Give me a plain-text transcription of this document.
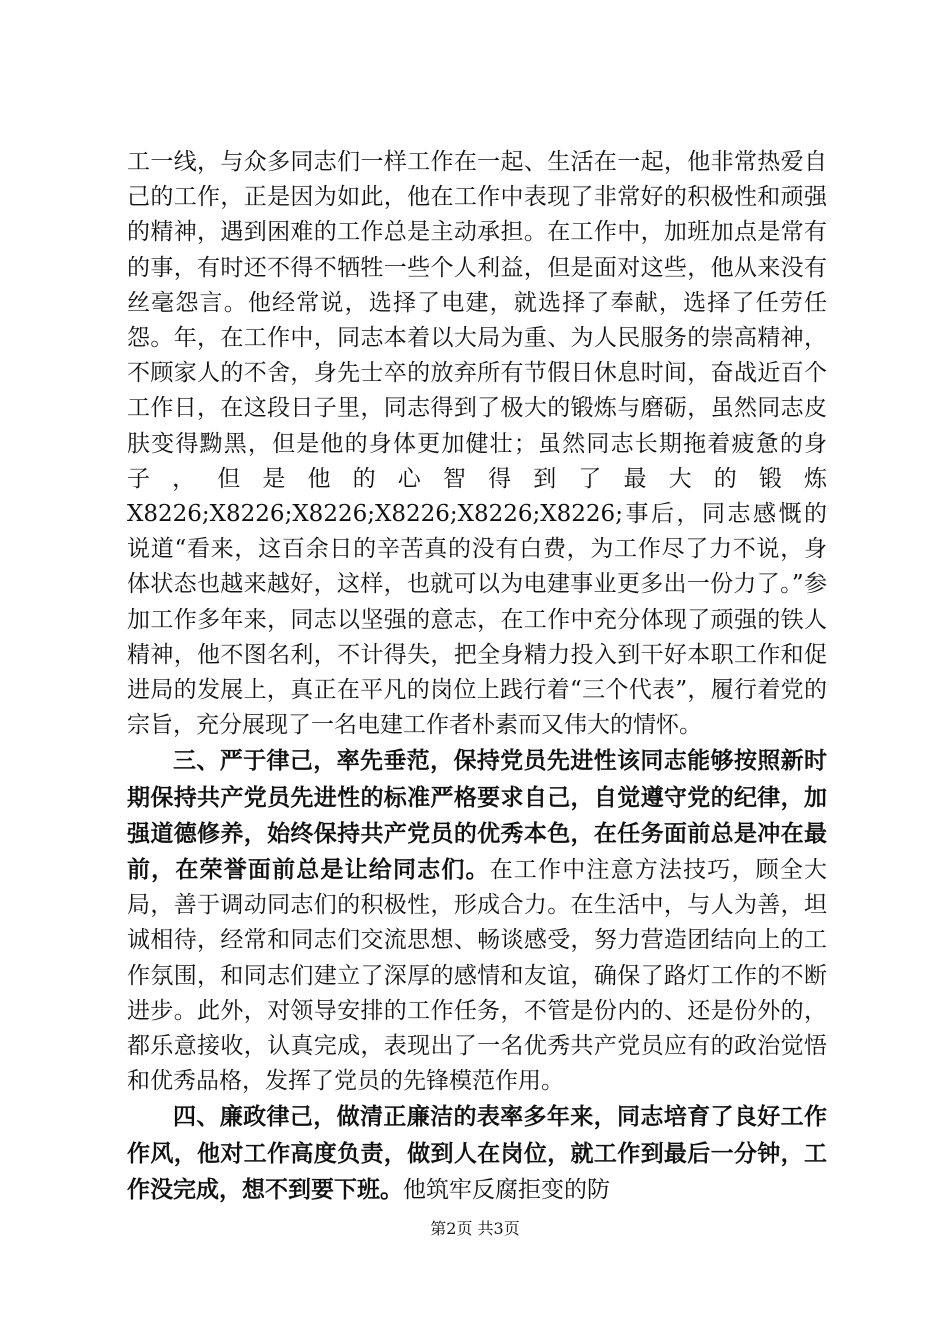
工一线，与众多同志们一样工作在一起、生活在一起，他非常热爱自己的工作，正是因为如此，他在工作中表现了非常好的积极性和顽强的精神，遇到困难的工作总是主动承担。在工作中，加班加点是常有的事，有时还不得不牺牲一些个人利益，但是面对这些，他从来没有丝毫怨言。他经常说，选择了电建，就选择了奉献，选择了任劳任怨。年，在工作中，同志本着以大局为重、为人民服务的崇高精神，不顾家人的不舍，身先士卒的放弃所有节假日休息时间，奋战近百个工作日，在这段日子里，同志得到了极大的锻炼与磨砺，虽然同志皮肤变得黝黑，但是他的身体更加健壮；虽然同志长期拖着疲惫的身子，但是他的心智得到了最大的锻炼X8226;X8226;X8226;X8226;X8226;X8226;事后，同志感慨的说道“看来，这百余日的辛苦真的没有白费，为工作尽了力不说，身体状态也越来越好，这样，也就可以为电建事业更多出一份力了。”参加工作多年来，同志以坚强的意志，在工作中充分体现了顽强的铁人精神，他不图名利，不计得失，把全身精力投入到干好本职工作和促进局的发展上，真正在平凡的岗位上践行着“三个代表”，履行着党的宗旨，充分展现了一名电建工作者朴素而又伟大的情怀。

三、严于律己，率先垂范，保持党员先进性该同志能够按照新时期保持共产党员先进性的标准严格要求自己，自觉遵守党的纪律，加强道德修养，始终保持共产党员的优秀本色，在任务面前总是冲在最前，在荣誉面前总是让给同志们。在工作中注意方法技巧，顾全大局，善于调动同志们的积极性，形成合力。在生活中，与人为善，坦诚相待，经常和同志们交流思想、畅谈感受，努力营造团结向上的工作氛围，和同志们建立了深厚的感情和友谊，确保了路灯工作的不断进步。此外，对领导安排的工作任务，不管是份内的、还是份外的，都乐意接收，认真完成，表现出了一名优秀共产党员应有的政治觉悟和优秀品格，发挥了党员的先锋模范作用。

四、廉政律己，做清正廉洁的表率多年来，同志培育了良好工作作风，他对工作高度负责，做到人在岗位，就工作到最后一分钟，工作没完成，想不到要下班。他筑牢反腐拒变的防

第2页 共3页
